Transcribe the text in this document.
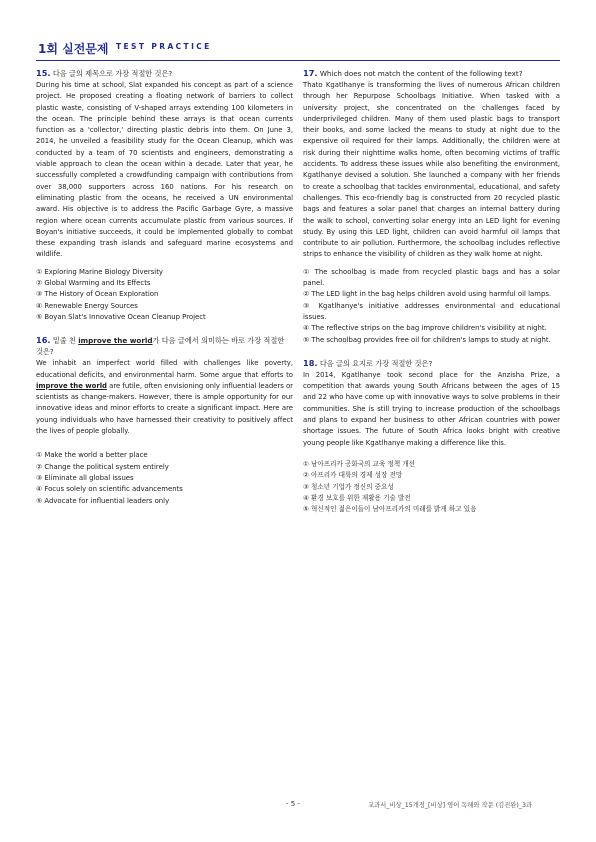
1회 실전문제 TEST PRACTICE
15. 다음 글의 제목으로 가장 적절한 것은?
During his time at school, Slat expanded his concept as part of a science project. He proposed creating a floating network of barriers to collect plastic waste, consisting of V-shaped arrays extending 100 kilometers in the ocean. The principle behind these arrays is that ocean currents function as a 'collector,' directing plastic debris into them. On June 3, 2014, he unveiled a feasibility study for the Ocean Cleanup, which was conducted by a team of 70 scientists and engineers, demonstrating a viable approach to clean the ocean within a decade. Later that year, he successfully completed a crowdfunding campaign with contributions from over 38,000 supporters across 160 nations. For his research on eliminating plastic from the oceans, he received a UN environmental award. His objective is to address the Pacific Garbage Gyre, a massive region where ocean currents accumulate plastic from various sources. If Boyan's initiative succeeds, it could be implemented globally to combat these expanding trash islands and safeguard marine ecosystems and wildlife.
① Exploring Marine Biology Diversity
② Global Warming and Its Effects
③ The History of Ocean Exploration
④ Renewable Energy Sources
⑤ Boyan Slat's Innovative Ocean Cleanup Project
16. 밑줄 친 improve the world가 다음 글에서 의미하는 바로 가장 적절한 것은?
We inhabit an imperfect world filled with challenges like poverty, educational deficits, and environmental harm. Some argue that efforts to improve the world are futile, often envisioning only influential leaders or scientists as change-makers. However, there is ample opportunity for our innovative ideas and minor efforts to create a significant impact. Here are young individuals who have harnessed their creativity to positively affect the lives of people globally.
① Make the world a better place
② Change the political system entirely
③ Eliminate all global issues
④ Focus solely on scientific advancements
⑤ Advocate for influential leaders only
17. Which does not match the content of the following text?
Thato Kgatlhanye is transforming the lives of numerous African children through her Repurpose Schoolbags Initiative. When tasked with a university project, she concentrated on the challenges faced by underprivileged children. Many of them used plastic bags to transport their books, and some lacked the means to study at night due to the expensive oil required for their lamps. Additionally, the children were at risk during their nighttime walks home, often becoming victims of traffic accidents. To address these issues while also benefiting the environment, Kgatlhanye devised a solution. She launched a company with her friends to create a schoolbag that tackles environmental, educational, and safety challenges. This eco-friendly bag is constructed from 20 recycled plastic bags and features a solar panel that charges an internal battery during the walk to school, converting solar energy into an LED light for evening study. By using this LED light, children can avoid harmful oil lamps that contribute to air pollution. Furthermore, the schoolbag includes reflective strips to enhance the visibility of children as they walk home at night.
① The schoolbag is made from recycled plastic bags and has a solar panel.
② The LED light in the bag helps children avoid using harmful oil lamps.
③ Kgatlhanye's initiative addresses environmental and educational issues.
④ The reflective strips on the bag improve children's visibility at night.
⑤ The schoolbag provides free oil for children's lamps to study at night.
18. 다음 글의 요지로 가장 적절한 것은?
In 2014, Kgatlhanye took second place for the Anzisha Prize, a competition that awards young South Africans between the ages of 15 and 22 who have come up with innovative ways to solve problems in their communities. She is still trying to increase production of the schoolbags and plans to expand her business to other African countries with power shortage issues. The future of South Africa looks bright with creative young people like Kgatlhanye making a difference like this.
① 남아프리카 공화국의 교육 정책 개선
② 아프리카 대륙의 경제 성장 전망
③ 청소년 기업가 정신의 중요성
④ 환경 보호를 위한 재활용 기술 발전
⑤ 혁신적인 젊은이들이 남아프리카의 미래를 밝게 하고 있음
- 5 -	교과서_비상_15개정_[비상] 영어 독해와 작문 (김진완)_3과
